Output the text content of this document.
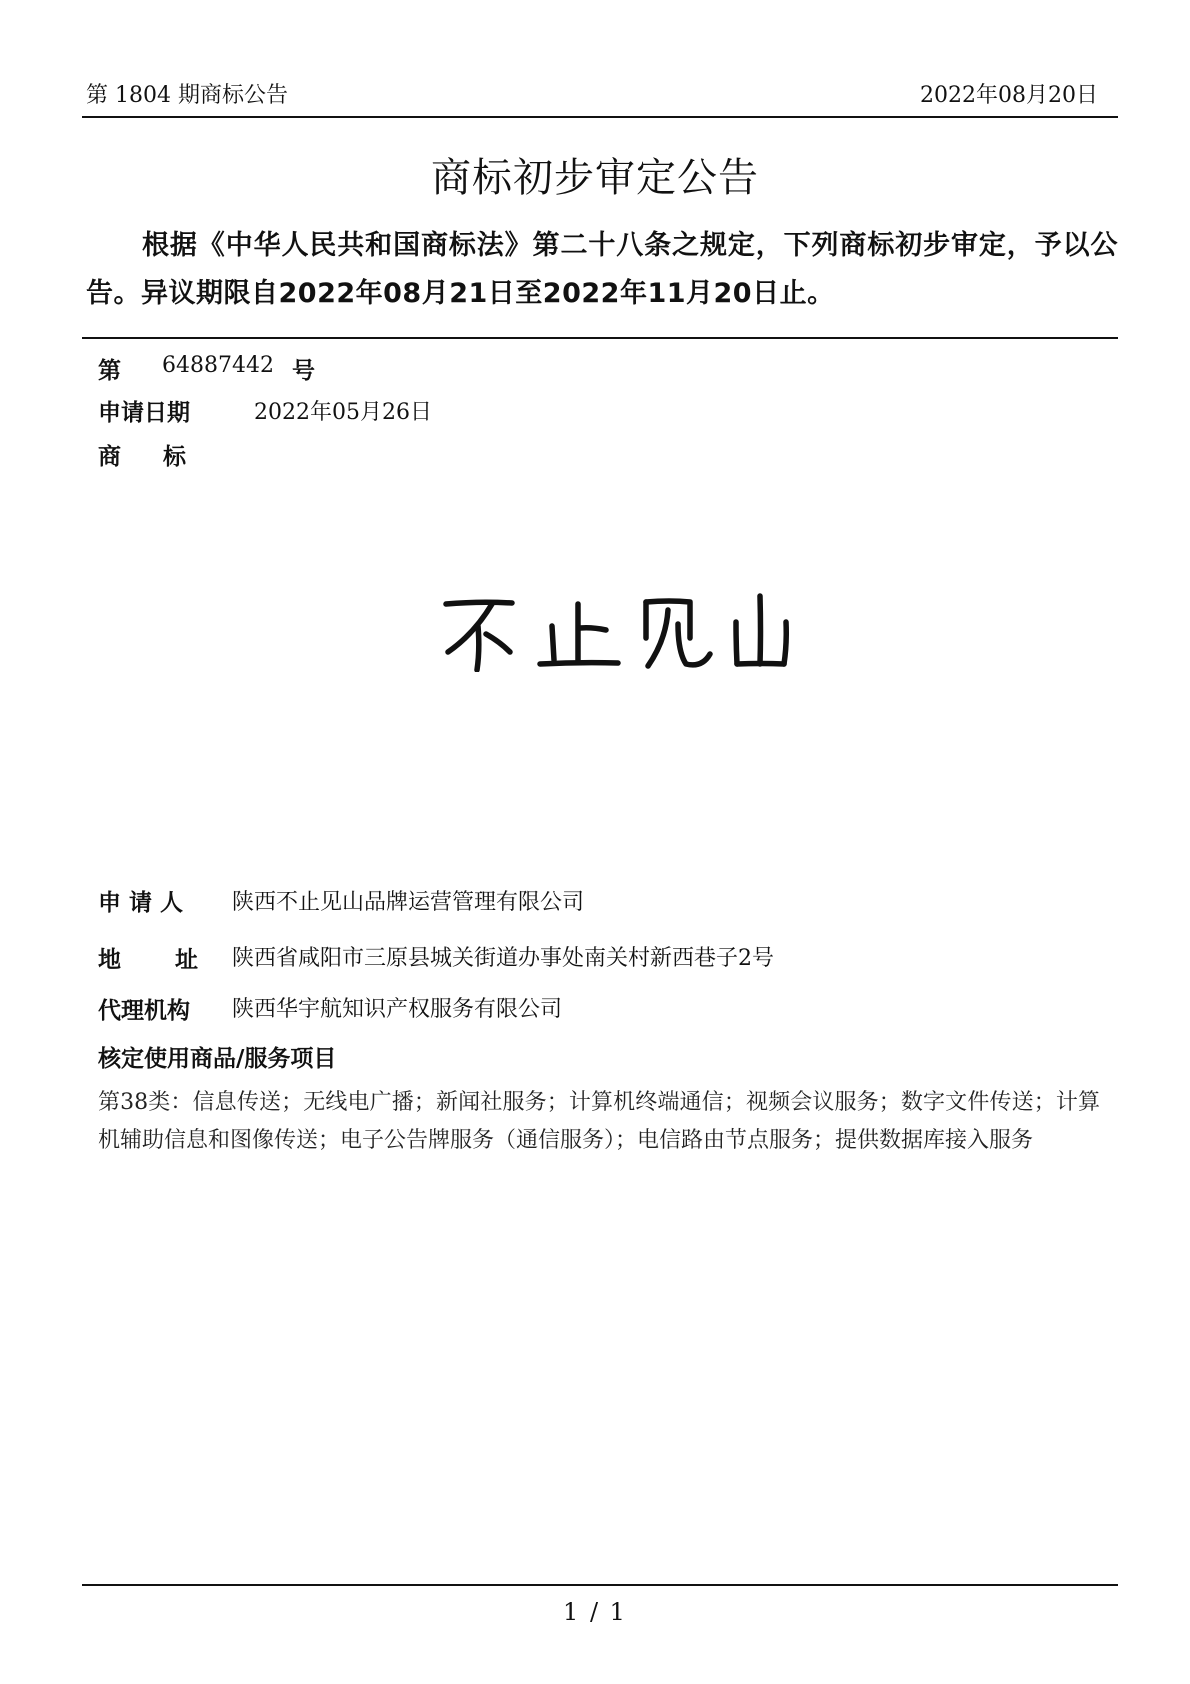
第 1804 期商标公告	2022年08月20日
商标初步审定公告
根据《中华人民共和国商标法》第二十八条之规定，下列商标初步审定，予以公告。异议期限自2022年08月21日至2022年11月20日止。
第 64887442 号
申请日期	2022年05月26日
商标
申请人 陕西不止见山品牌运营管理有限公司
地址
陕西省咸阳市三原县城关街道办事处南关村新西巷子2号
代理机构 陕西华宇航知识产权服务有限公司
核定使用商品/服务项目
第38类：信息传送；无线电广播；新闻社服务；计算机终端通信；视频会议服务；数字文件传送；计算机辅助信息和图像传送；电子公告牌服务（通信服务）；电信路由节点服务；提供数据库接入服务
1 / 1
